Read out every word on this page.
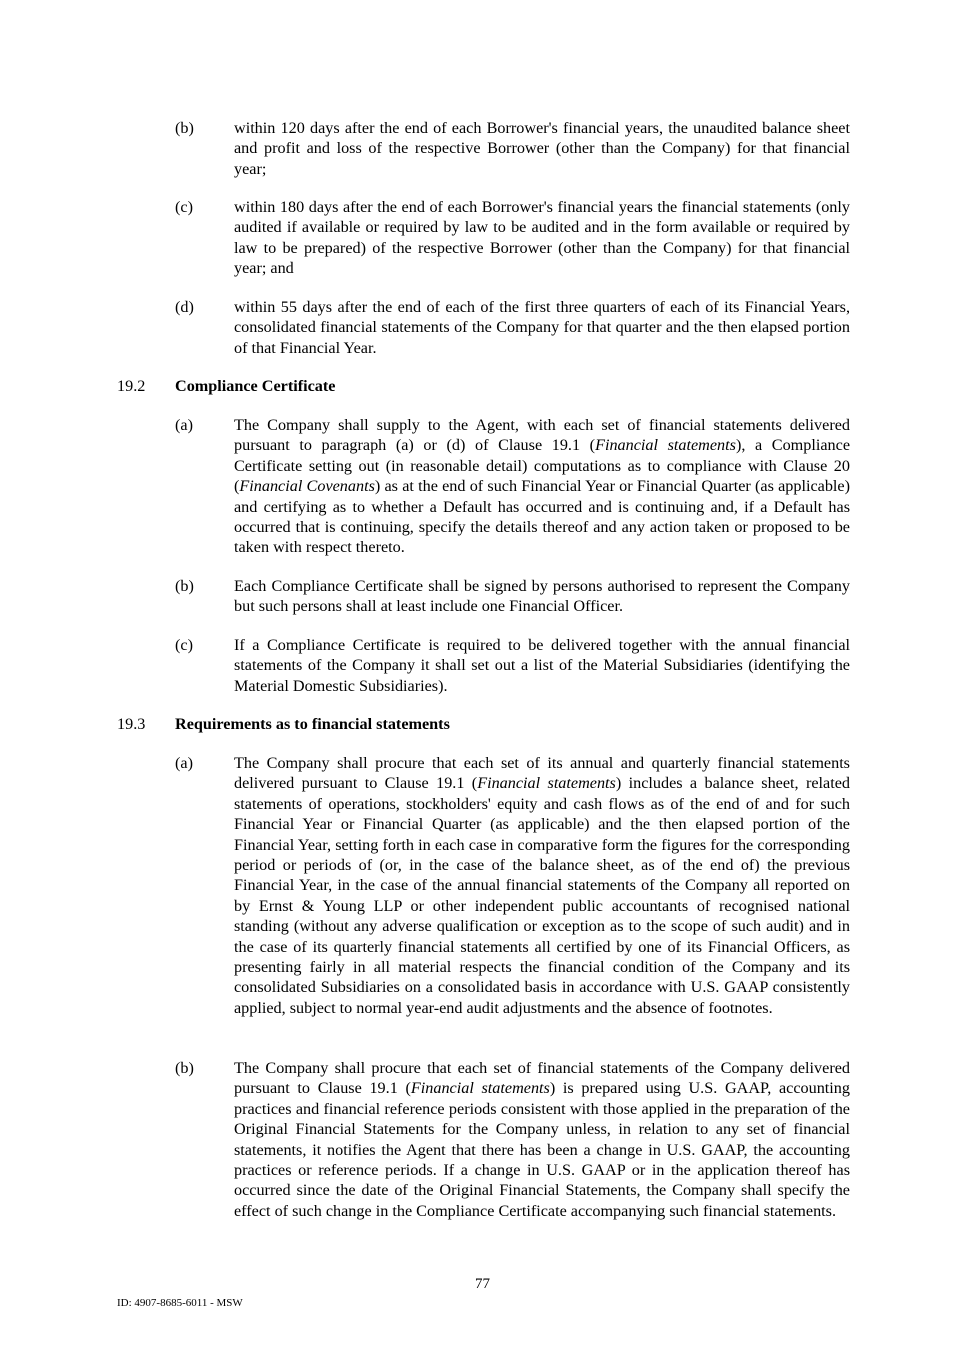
(b) within 120 days after the end of each Borrower's financial years, the unaudited balance sheet and profit and loss of the respective Borrower (other than the Company) for that financial year;
(c)	within 180 days after the end of each Borrower's financial years the financial statements (only audited if available or required by law to be audited and in the form available or required by law to be prepared) of the respective Borrower (other than the Company) for that financial year; and
(d) within 55 days after the end of each of the first three quarters of each of its Financial Years, consolidated financial statements of the Company for that quarter and the then elapsed portion of that Financial Year.
19.2 Compliance Certificate
(a)	The Company shall supply to the Agent, with each set of financial statements delivered pursuant to paragraph (a) or (d) of Clause 19.1 (Financial statements), a Compliance Certificate setting out (in reasonable detail) computations as to compliance with Clause 20 (Financial Covenants) as at the end of such Financial Year or Financial Quarter (as applicable) and certifying as to whether a Default has occurred and is continuing and, if a Default has occurred that is continuing, specify the details thereof and any action taken or proposed to be taken with respect thereto.
(b) Each Compliance Certificate shall be signed by persons authorised to represent the Company but such persons shall at least include one Financial Officer.
(c)	If a Compliance Certificate is required to be delivered together with the annual financial statements of the Company it shall set out a list of the Material Subsidiaries (identifying the Material Domestic Subsidiaries).
19.3 Requirements as to financial statements
(a)	The Company shall procure that each set of its annual and quarterly financial statements delivered pursuant to Clause 19.1 (Financial statements) includes a balance sheet, related statements of operations, stockholders' equity and cash flows as of the end of and for such Financial Year or Financial Quarter (as applicable) and the then elapsed portion of the Financial Year, setting forth in each case in comparative form the figures for the corresponding period or periods of (or, in the case of the balance sheet, as of the end of) the previous Financial Year, in the case of the annual financial statements of the Company all reported on by Ernst & Young LLP or other independent public accountants of recognised national standing (without any adverse qualification or exception as to the scope of such audit) and in the case of its quarterly financial statements all certified by one of its Financial Officers, as presenting fairly in all material respects the financial condition of the Company and its consolidated Subsidiaries on a consolidated basis in accordance with U.S. GAAP consistently applied, subject to normal year-end audit adjustments and the absence of footnotes.
(b) The Company shall procure that each set of financial statements of the Company delivered pursuant to Clause 19.1 (Financial statements) is prepared using U.S. GAAP, accounting practices and financial reference periods consistent with those applied in the preparation of the Original Financial Statements for the Company unless, in relation to any set of financial statements, it notifies the Agent that there has been a change in U.S. GAAP, the accounting practices or reference periods. If a change in U.S. GAAP or in the application thereof has occurred since the date of the Original Financial Statements, the Company shall specify the effect of such change in the Compliance Certificate accompanying such financial statements.
77
ID: 4907-8685-6011 - MSW
